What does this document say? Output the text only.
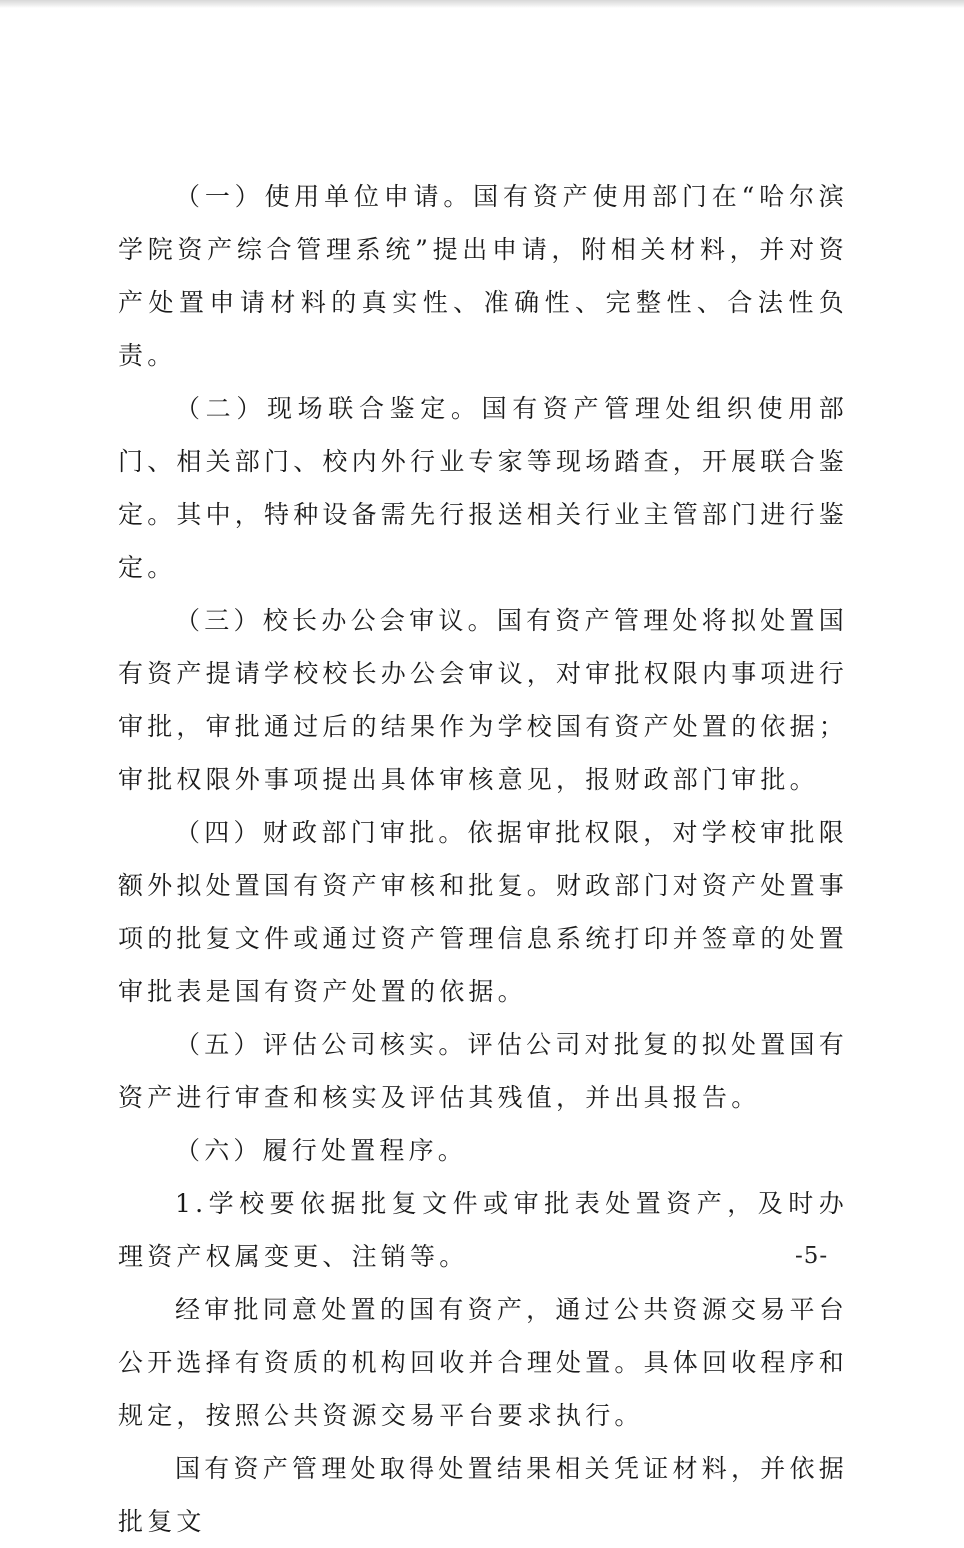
（一）使用单位申请。国有资产使用部门在“哈尔滨学院资产综合管理系统”提出申请，附相关材料，并对资产处置申请材料的真实性、准确性、完整性、合法性负责。

（二）现场联合鉴定。国有资产管理处组织使用部门、相关部门、校内外行业专家等现场踏查，开展联合鉴定。其中，特种设备需先行报送相关行业主管部门进行鉴定。

（三）校长办公会审议。国有资产管理处将拟处置国有资产提请学校校长办公会审议，对审批权限内事项进行审批，审批通过后的结果作为学校国有资产处置的依据；审批权限外事项提出具体审核意见，报财政部门审批。

（四）财政部门审批。依据审批权限，对学校审批限额外拟处置国有资产审核和批复。财政部门对资产处置事项的批复文件或通过资产管理信息系统打印并签章的处置审批表是国有资产处置的依据。

（五）评估公司核实。评估公司对批复的拟处置国有资产进行审查和核实及评估其残值，并出具报告。

（六）履行处置程序。

1.学校要依据批复文件或审批表处置资产，及时办理资产权属变更、注销等。

经审批同意处置的国有资产，通过公共资源交易平台公开选择有资质的机构回收并合理处置。具体回收程序和规定，按照公共资源交易平台要求执行。

国有资产管理处取得处置结果相关凭证材料，并依据批复文

-5-
